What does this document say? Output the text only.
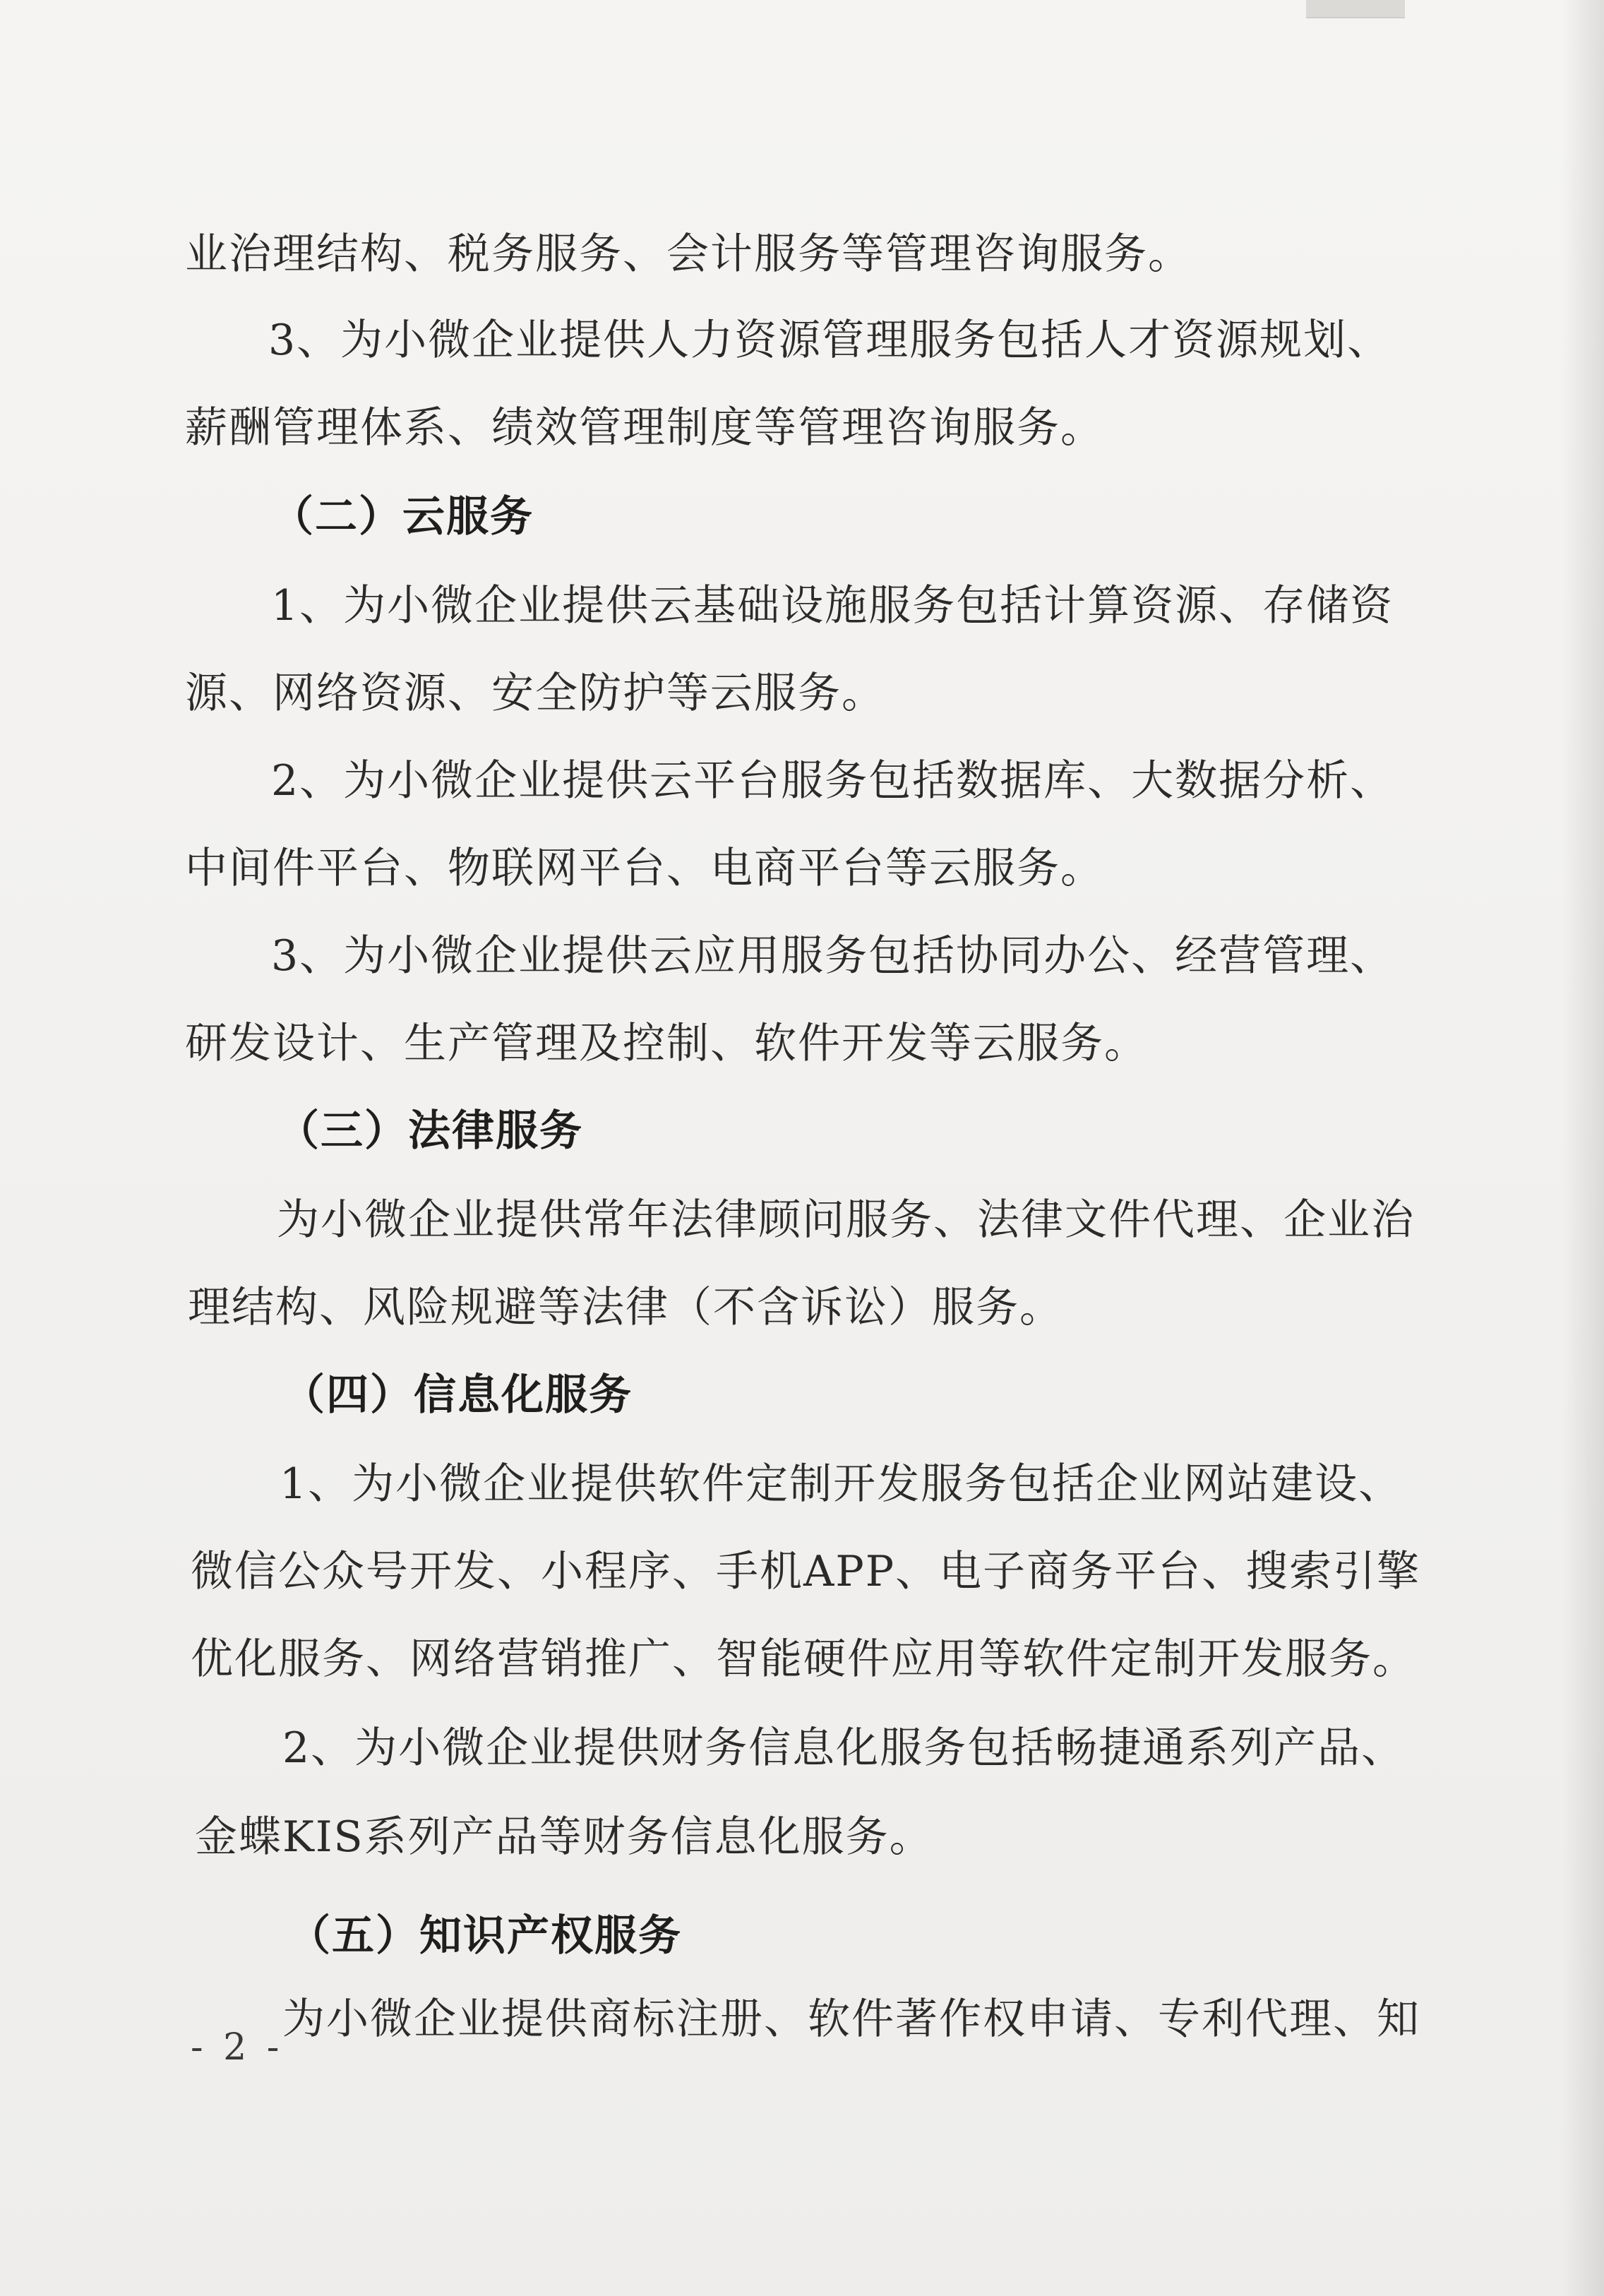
业治理结构、税务服务、会计服务等管理咨询服务。
3、为小微企业提供人力资源管理服务包括人才资源规划、
薪酬管理体系、绩效管理制度等管理咨询服务。
（二）云服务
1、为小微企业提供云基础设施服务包括计算资源、存储资
源、网络资源、安全防护等云服务。
2、为小微企业提供云平台服务包括数据库、大数据分析、
中间件平台、物联网平台、电商平台等云服务。
3、为小微企业提供云应用服务包括协同办公、经营管理、
研发设计、生产管理及控制、软件开发等云服务。
（三）法律服务
为小微企业提供常年法律顾问服务、法律文件代理、企业治
理结构、风险规避等法律（不含诉讼）服务。
（四）信息化服务
1、为小微企业提供软件定制开发服务包括企业网站建设、
微信公众号开发、小程序、手机APP、电子商务平台、搜索引擎
优化服务、网络营销推广、智能硬件应用等软件定制开发服务。
2、为小微企业提供财务信息化服务包括畅捷通系列产品、
金蝶KIS系列产品等财务信息化服务。
（五）知识产权服务
为小微企业提供商标注册、软件著作权申请、专利代理、知
- 2 -
